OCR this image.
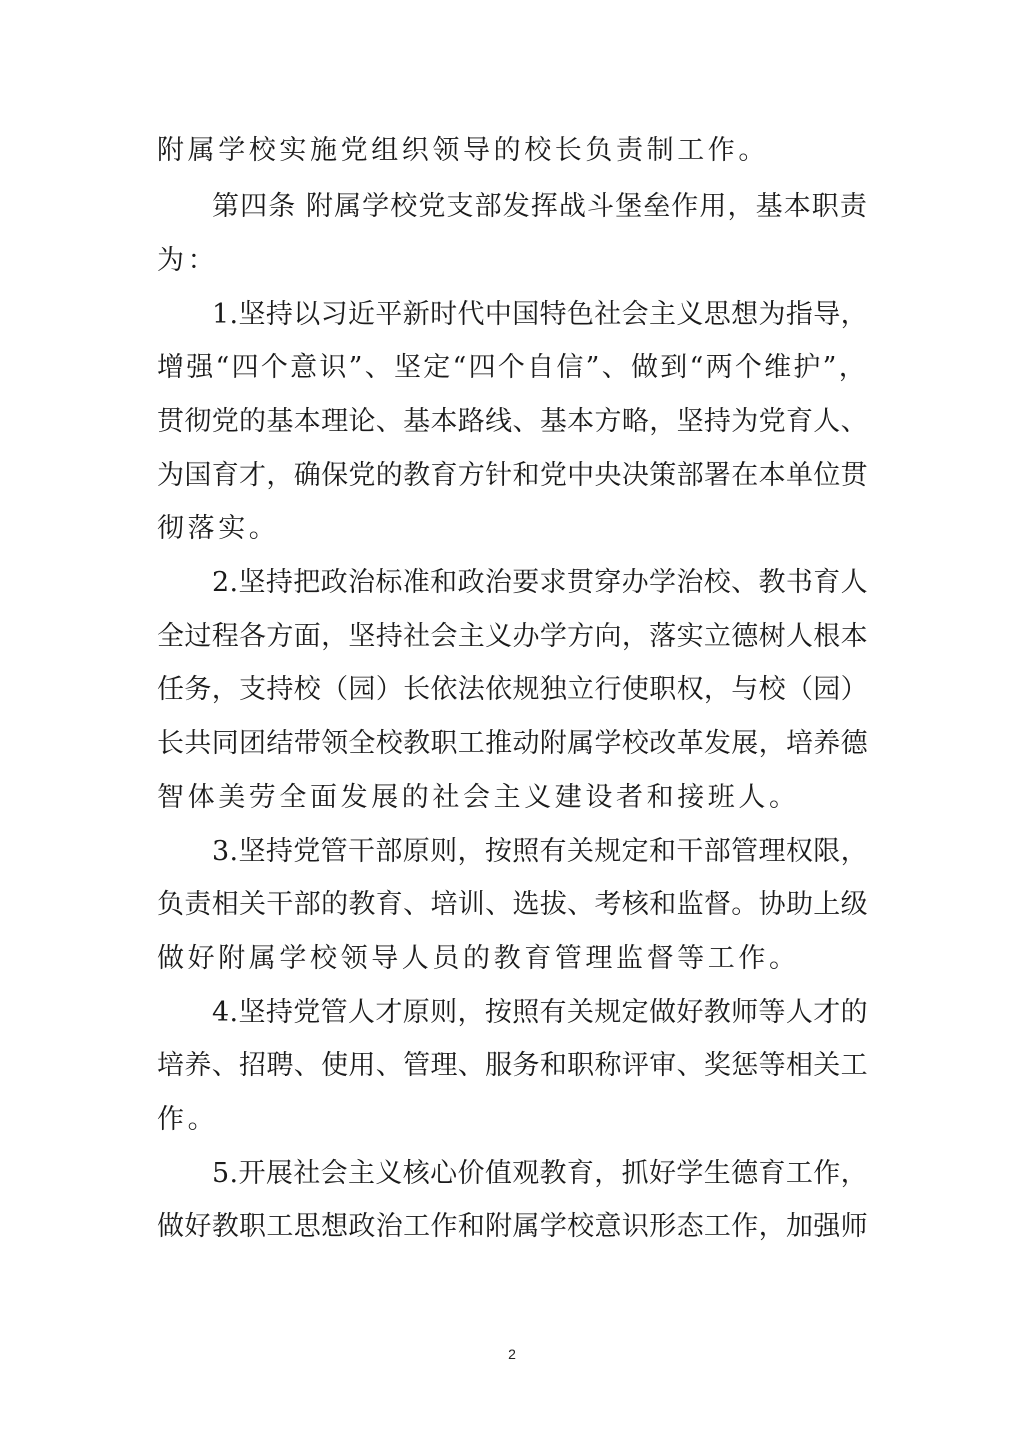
附属学校实施党组织领导的校长负责制工作。
第四条 附属学校党支部发挥战斗堡垒作用，基本职责
为：
1.坚持以习近平新时代中国特色社会主义思想为指导，
增强“四个意识”、坚定“四个自信”、做到“两个维护”，
贯彻党的基本理论、基本路线、基本方略，坚持为党育人、
为国育才，确保党的教育方针和党中央决策部署在本单位贯
彻落实。
2.坚持把政治标准和政治要求贯穿办学治校、教书育人
全过程各方面，坚持社会主义办学方向，落实立德树人根本
任务，支持校（园）长依法依规独立行使职权，与校（园）
长共同团结带领全校教职工推动附属学校改革发展，培养德
智体美劳全面发展的社会主义建设者和接班人。
3.坚持党管干部原则，按照有关规定和干部管理权限，
负责相关干部的教育、培训、选拔、考核和监督。协助上级
做好附属学校领导人员的教育管理监督等工作。
4.坚持党管人才原则，按照有关规定做好教师等人才的
培养、招聘、使用、管理、服务和职称评审、奖惩等相关工
作。
5.开展社会主义核心价值观教育，抓好学生德育工作，
做好教职工思想政治工作和附属学校意识形态工作，加强师
2
